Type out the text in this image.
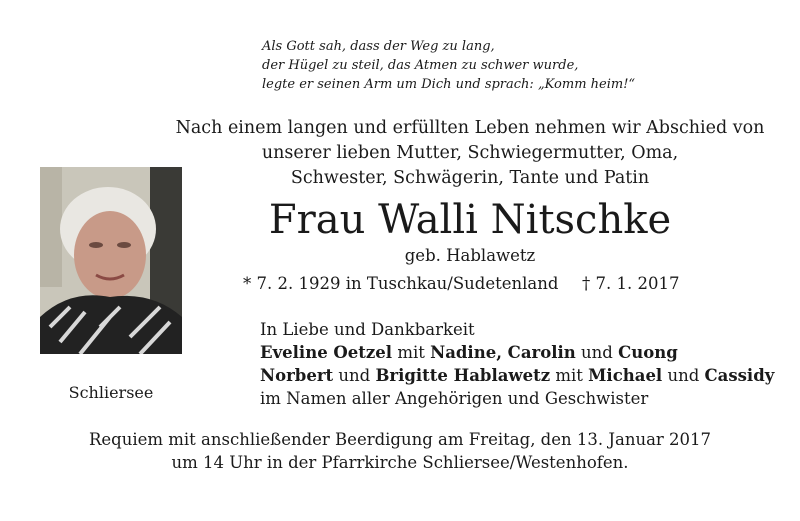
Als Gott sah, dass der Weg zu lang,
der Hügel zu steil, das Atmen zu schwer wurde,
legte er seinen Arm um Dich und sprach: „Komm heim!“
Nach einem langen und erfüllten Leben nehmen wir Abschied von
unserer lieben Mutter, Schwiegermutter, Oma,
Schwester, Schwägerin, Tante und Patin
Schliersee
Frau Walli Nitschke
geb. Hablawetz
* 7. 2. 1929 in Tuschkau/Sudetenland † 7. 1. 2017
In Liebe und Dankbarkeit
Eveline Oetzel mit Nadine, Carolin und Cuong
Norbert und Brigitte Hablawetz mit Michael und Cassidy
im Namen aller Angehörigen und Geschwister
Requiem mit anschließender Beerdigung am Freitag, den 13. Januar 2017
um 14 Uhr in der Pfarrkirche Schliersee/Westenhofen.
